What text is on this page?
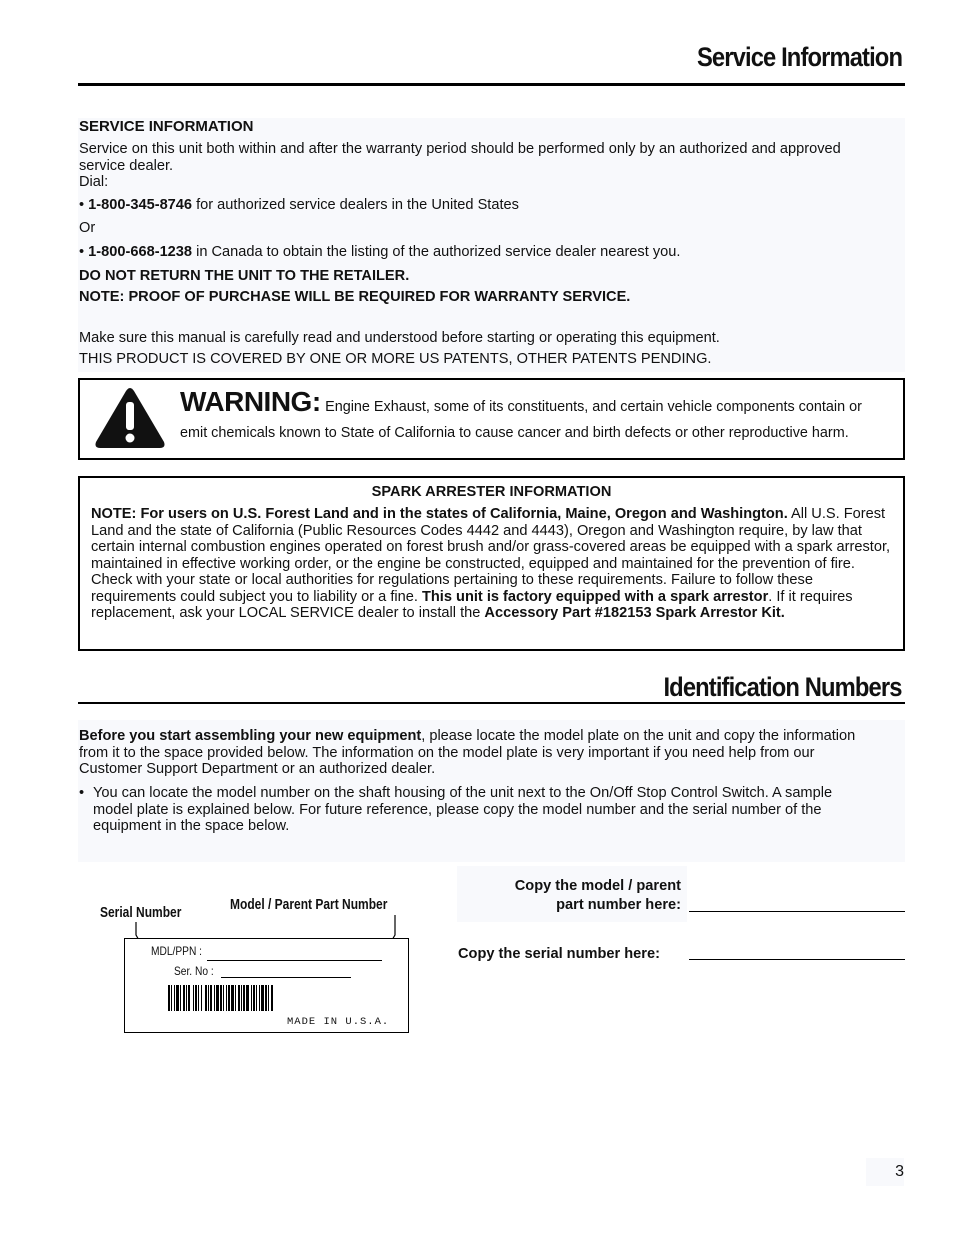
Service Information
SERVICE INFORMATION
Service on this unit both within and after the warranty period should be performed only by an authorized and approved service dealer.
Dial:
• 1-800-345-8746 for authorized service dealers in the United States
Or
• 1-800-668-1238 in Canada to obtain the listing of the authorized service dealer nearest you.
DO NOT RETURN THE UNIT TO THE RETAILER.
NOTE: PROOF OF PURCHASE WILL BE REQUIRED FOR WARRANTY SERVICE.
Make sure this manual is carefully read and understood before starting or operating this equipment.
THIS PRODUCT IS COVERED BY ONE OR MORE US PATENTS, OTHER PATENTS PENDING.
WARNING: Engine Exhaust, some of its constituents, and certain vehicle components contain or
emit chemicals known to State of California to cause cancer and birth defects or other reproductive harm.
SPARK ARRESTER INFORMATION
NOTE: For users on U.S. Forest Land and in the states of California, Maine, Oregon and Washington. All U.S. Forest Land and the state of California (Public Resources Codes 4442 and 4443), Oregon and Washington require, by law that certain internal combustion engines operated on forest brush and/or grass-covered areas be equipped with a spark arrestor, maintained in effective working order, or the engine be constructed, equipped and maintained for the prevention of fire. Check with your state or local authorities for regulations pertaining to these requirements. Failure to follow these requirements could subject you to liability or a fine. This unit is factory equipped with a spark arrestor. If it requires replacement, ask your LOCAL SERVICE dealer to install the Accessory Part #182153 Spark Arrestor Kit.
Identification Numbers
Before you start assembling your new equipment, please locate the model plate on the unit and copy the information from it to the space provided below. The information on the model plate is very important if you need help from our Customer Support Department or an authorized dealer.
• You can locate the model number on the shaft housing of the unit next to the On/Off Stop Control Switch. A sample model plate is explained below. For future reference, please copy the model number and the serial number of the equipment in the space below.
Serial Number	Model / Parent Part Number
MDL/PPN :
Ser. No :
MADE IN U.S.A.
Copy the model / parent
part number here:
Copy the serial number here:
3
